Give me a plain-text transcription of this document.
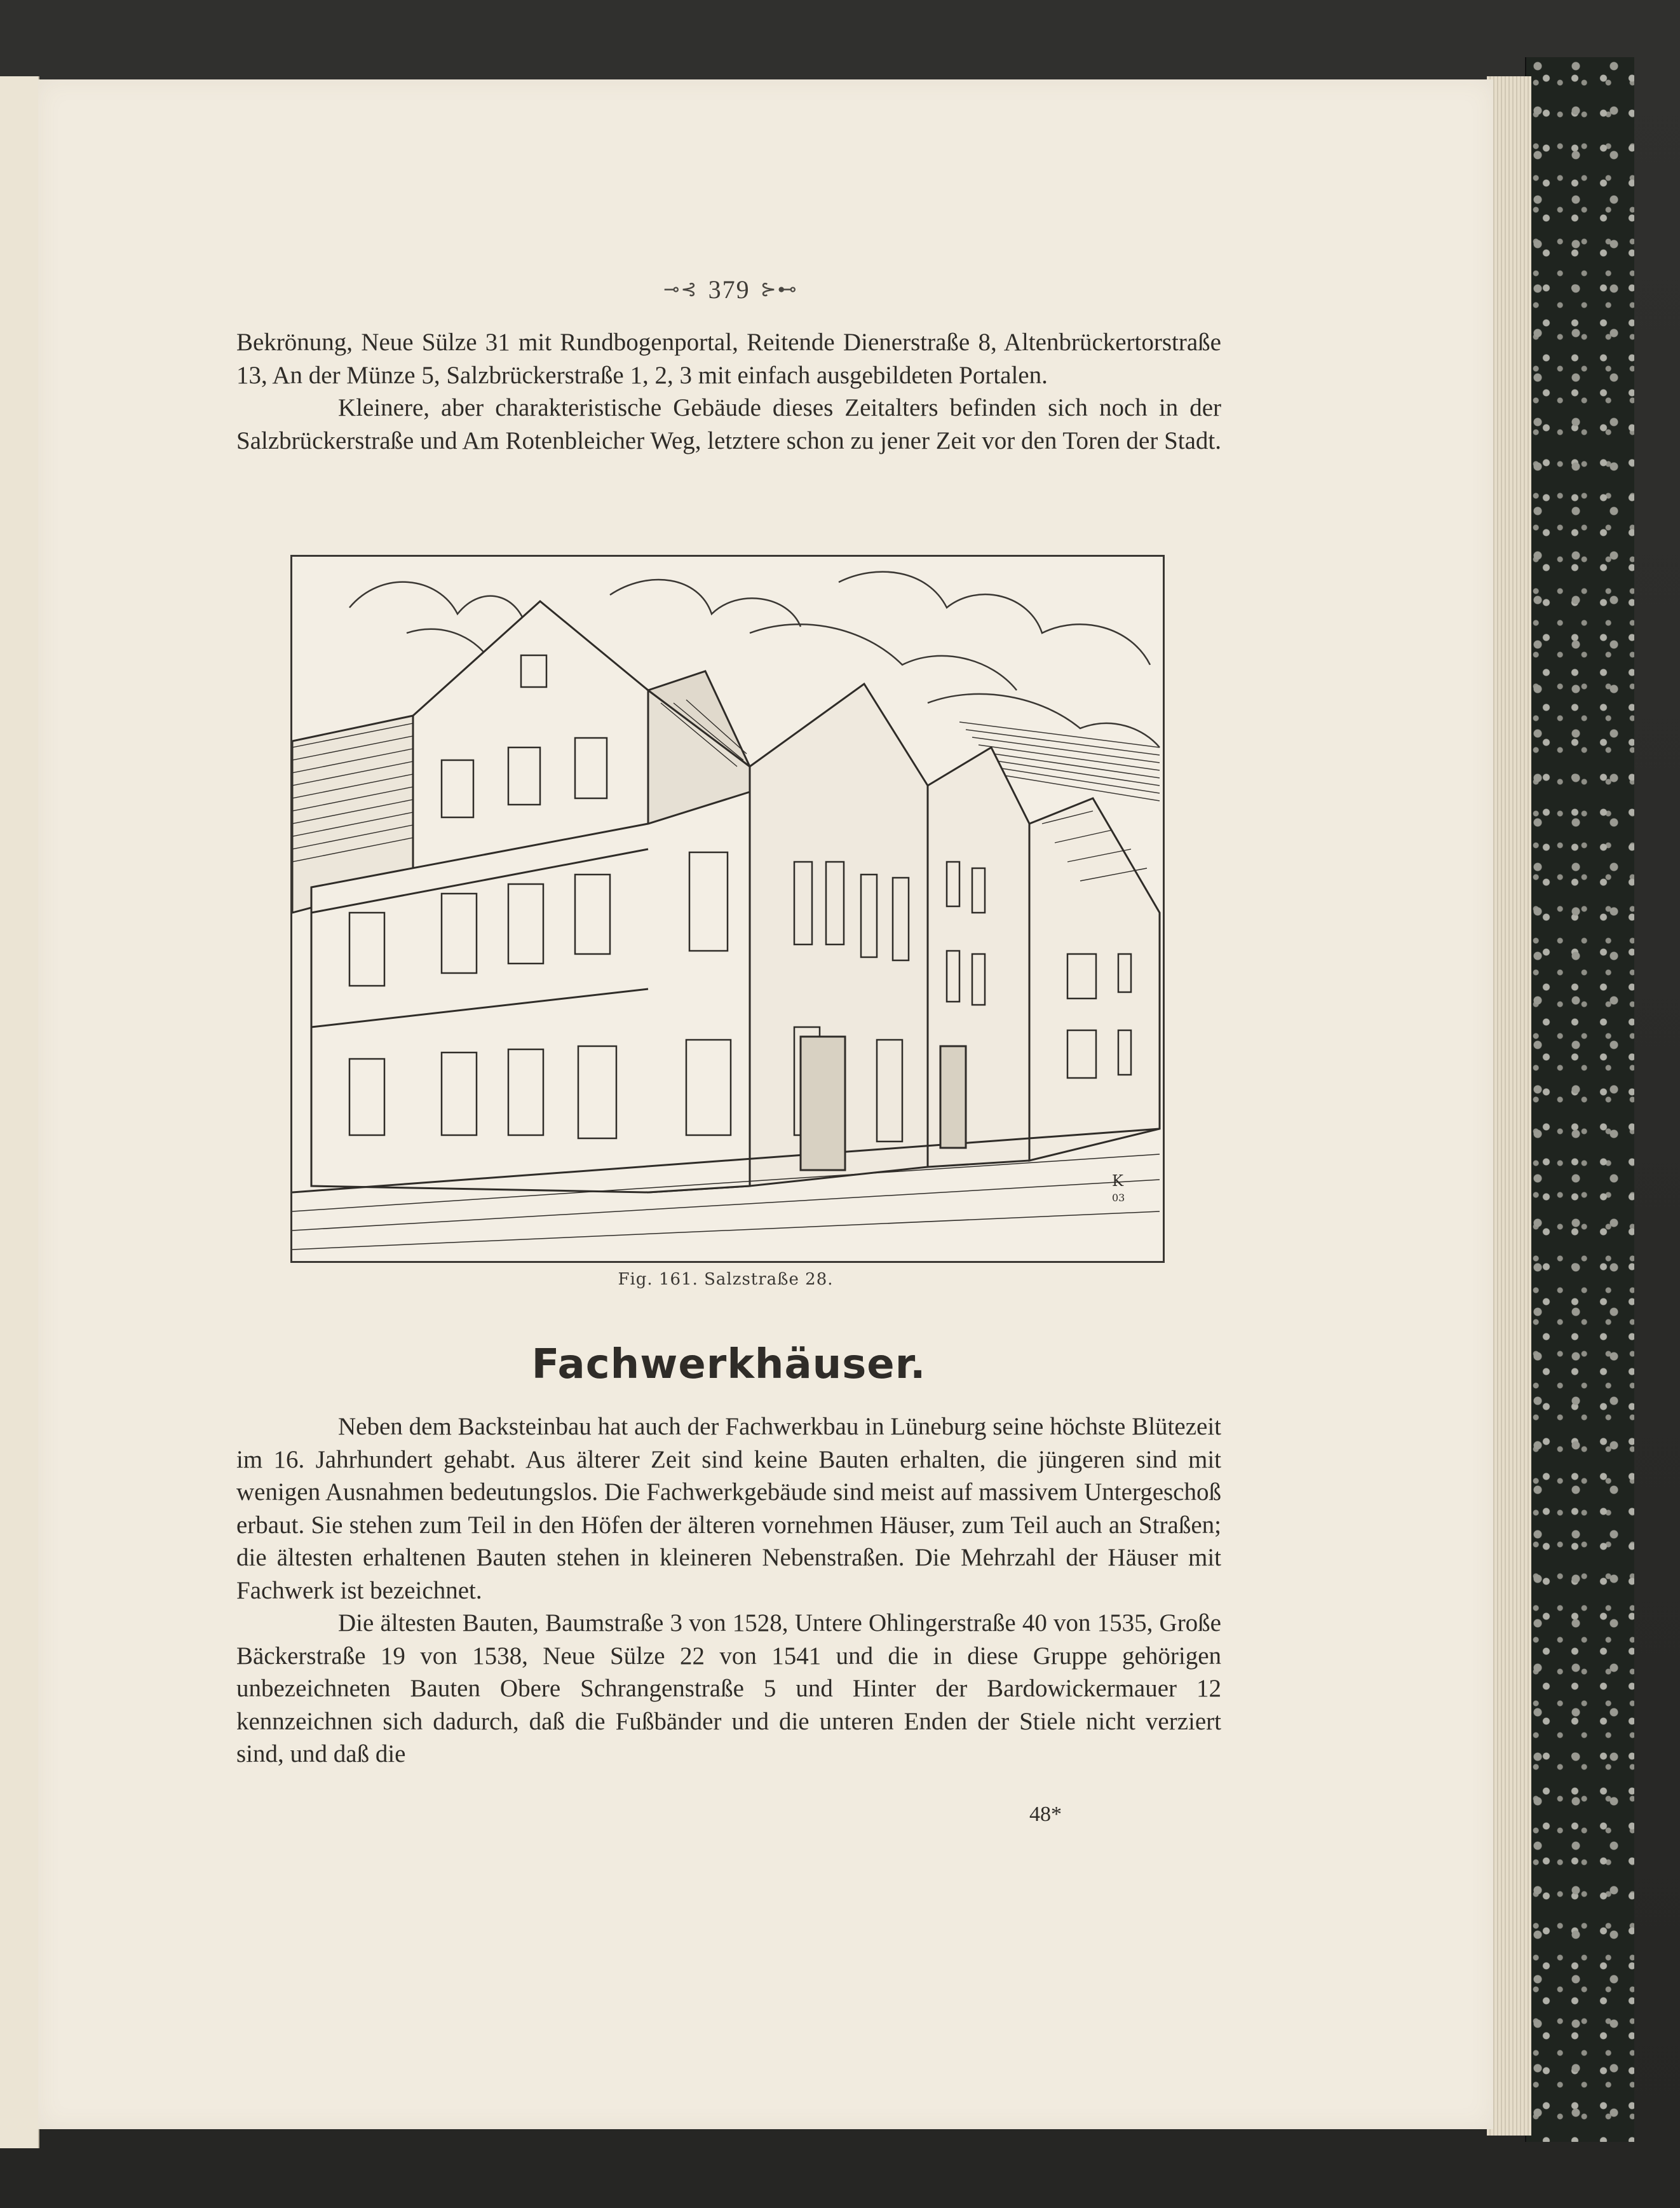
⊸⊰ 379 ⊱⊷

Bekrönung, Neue Sülze 31 mit Rundbogenportal, Reitende Dienerstraße 8, Altenbrückertorstraße 13, An der Münze 5, Salzbrückerstraße 1, 2, 3 mit einfach ausgebildeten Portalen.

Kleinere, aber charakteristische Gebäude dieses Zeitalters befinden sich noch in der Salzbrückerstraße und Am Rotenbleicher Weg, letztere schon zu jener Zeit vor den Toren der Stadt.

K
03
Fig. 161. Salzstraße 28.
Fachwerkhäuser.

Neben dem Backsteinbau hat auch der Fachwerkbau in Lüneburg seine höchste Blütezeit im 16. Jahrhundert gehabt. Aus älterer Zeit sind keine Bauten erhalten, die jüngeren sind mit wenigen Ausnahmen bedeutungslos. Die Fachwerkgebäude sind meist auf massivem Untergeschoß erbaut. Sie stehen zum Teil in den Höfen der älteren vornehmen Häuser, zum Teil auch an Straßen; die ältesten erhaltenen Bauten stehen in kleineren Nebenstraßen. Die Mehrzahl der Häuser mit Fachwerk ist bezeichnet.

Die ältesten Bauten, Baumstraße 3 von 1528, Untere Ohlingerstraße 40 von 1535, Große Bäckerstraße 19 von 1538, Neue Sülze 22 von 1541 und die in diese Gruppe gehörigen unbezeichneten Bauten Obere Schrangenstraße 5 und Hinter der Bardowickermauer 12 kennzeichnen sich dadurch, daß die Fußbänder und die unteren Enden der Stiele nicht verziert sind, und daß die

48*
